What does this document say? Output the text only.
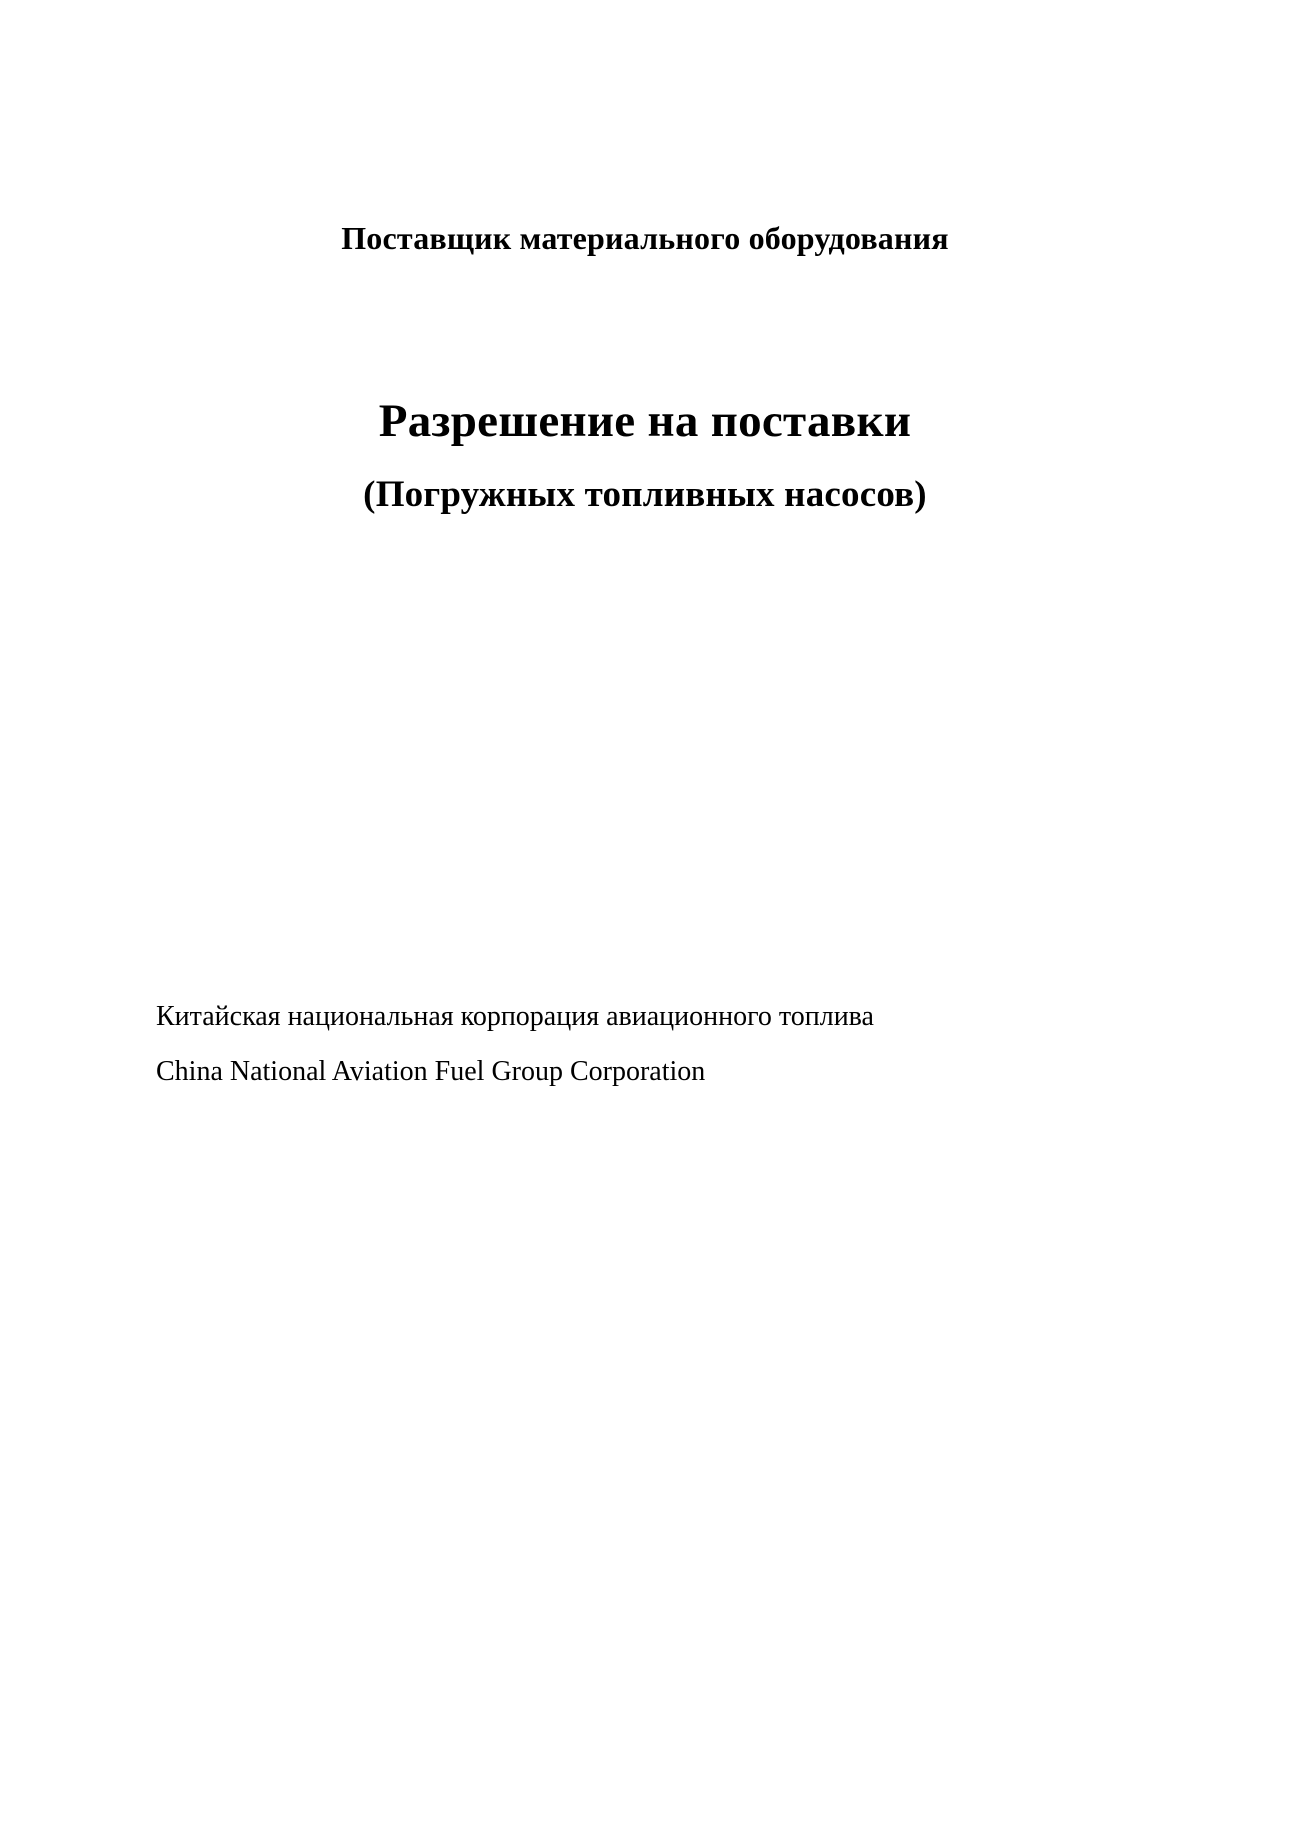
Поставщик материального оборудования
Разрешение на поставки
(Погружных топливных насосов)
Китайская национальная корпорация авиационного топлива
China National Aviation Fuel Group Corporation
